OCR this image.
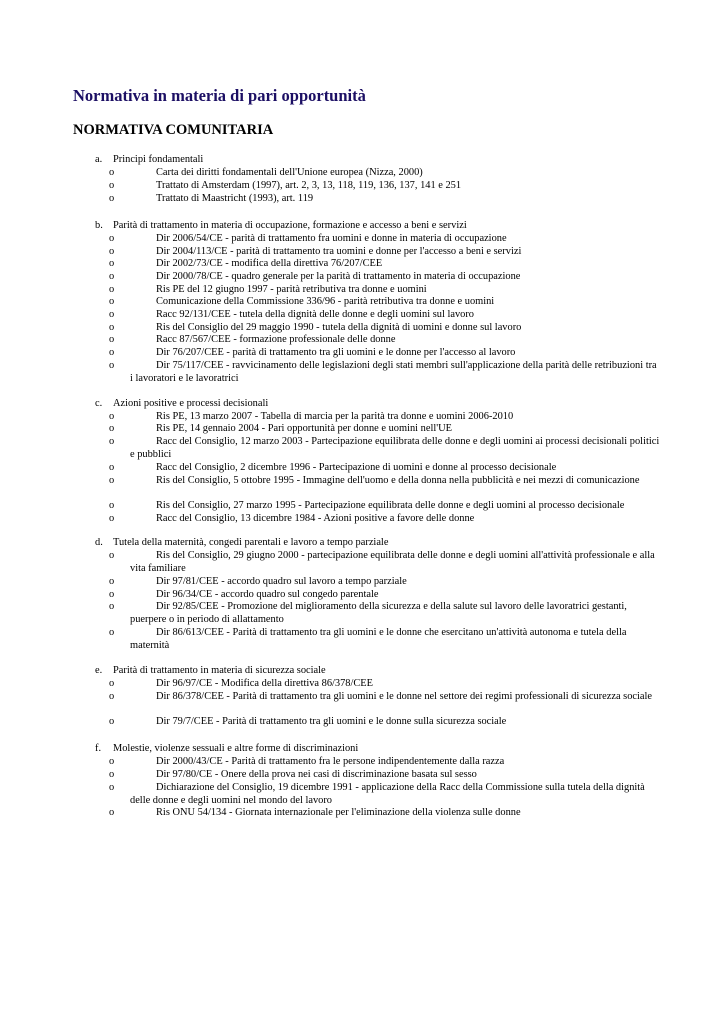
Normativa in materia di pari opportunità
NORMATIVA COMUNITARIA
a. Principi fondamentali
o	Carta dei diritti fondamentali dell'Unione europea (Nizza, 2000)
o	Trattato di Amsterdam (1997), art. 2, 3, 13, 118, 119, 136, 137, 141 e 251
o	Trattato di Maastricht (1993), art. 119
b. Parità di trattamento in materia di occupazione, formazione e accesso a beni e servizi
o	Dir 2006/54/CE - parità di trattamento fra uomini e donne in materia di occupazione
o	Dir 2004/113/CE - parità di trattamento tra uomini e donne per l'accesso a beni e servizi
o	Dir 2002/73/CE - modifica della direttiva 76/207/CEE
o	Dir 2000/78/CE - quadro generale per la parità di trattamento in materia di occupazione
o	Ris PE del 12 giugno 1997 - parità retributiva tra donne e uomini
o	Comunicazione della Commissione 336/96 - parità retributiva tra donne e uomini
o	Racc 92/131/CEE - tutela della dignità delle donne e degli uomini sul lavoro
o	Ris del Consiglio del 29 maggio 1990 - tutela della dignità di uomini e donne sul lavoro
o	Racc 87/567/CEE - formazione professionale delle donne
o	Dir 76/207/CEE - parità di trattamento tra gli uomini e le donne per l'accesso al lavoro
o	Dir 75/117/CEE - ravvicinamento delle legislazioni degli stati membri sull'applicazione della parità delle retribuzioni tra i lavoratori e le lavoratrici
c. Azioni positive e processi decisionali
o	Ris PE, 13 marzo 2007 - Tabella di marcia per la parità tra donne e uomini 2006-2010
o	Ris PE, 14 gennaio 2004 - Pari opportunità per donne e uomini nell'UE
o	Racc del Consiglio, 12 marzo 2003 - Partecipazione equilibrata delle donne e degli uomini ai processi decisionali politici e pubblici
o	Racc del Consiglio, 2 dicembre 1996 - Partecipazione di uomini e donne al processo decisionale
o	Ris del Consiglio, 5 ottobre 1995 - Immagine dell'uomo e della donna nella pubblicità e nei mezzi di comunicazione
o	Ris del Consiglio, 27 marzo 1995 - Partecipazione equilibrata delle donne e degli uomini al processo decisionale
o	Racc del Consiglio, 13 dicembre 1984 - Azioni positive a favore delle donne
d. Tutela della maternità, congedi parentali e lavoro a tempo parziale
o	Ris del Consiglio, 29 giugno 2000 - partecipazione equilibrata delle donne e degli uomini all'attività professionale e alla vita familiare
o	Dir 97/81/CEE - accordo quadro sul lavoro a tempo parziale
o	Dir 96/34/CE - accordo quadro sul congedo parentale
o	Dir 92/85/CEE - Promozione del miglioramento della sicurezza e della salute sul lavoro delle lavoratrici gestanti, puerpere o in periodo di allattamento
o	Dir 86/613/CEE - Parità di trattamento tra gli uomini e le donne che esercitano un'attività autonoma e tutela della maternità
e. Parità di trattamento in materia di sicurezza sociale
o	Dir 96/97/CE - Modifica della direttiva 86/378/CEE
o	Dir 86/378/CEE - Parità di trattamento tra gli uomini e le donne nel settore dei regimi professionali di sicurezza sociale
o	Dir 79/7/CEE - Parità di trattamento tra gli uomini e le donne sulla sicurezza sociale
f. Molestie, violenze sessuali e altre forme di discriminazioni
o	Dir 2000/43/CE - Parità di trattamento fra le persone indipendentemente dalla razza
o	Dir 97/80/CE - Onere della prova nei casi di discriminazione basata sul sesso
o	Dichiarazione del Consiglio, 19 dicembre 1991 - applicazione della Racc della Commissione sulla tutela della dignità delle donne e degli uomini nel mondo del lavoro
o	Ris ONU 54/134 - Giornata internazionale per l'eliminazione della violenza sulle donne
